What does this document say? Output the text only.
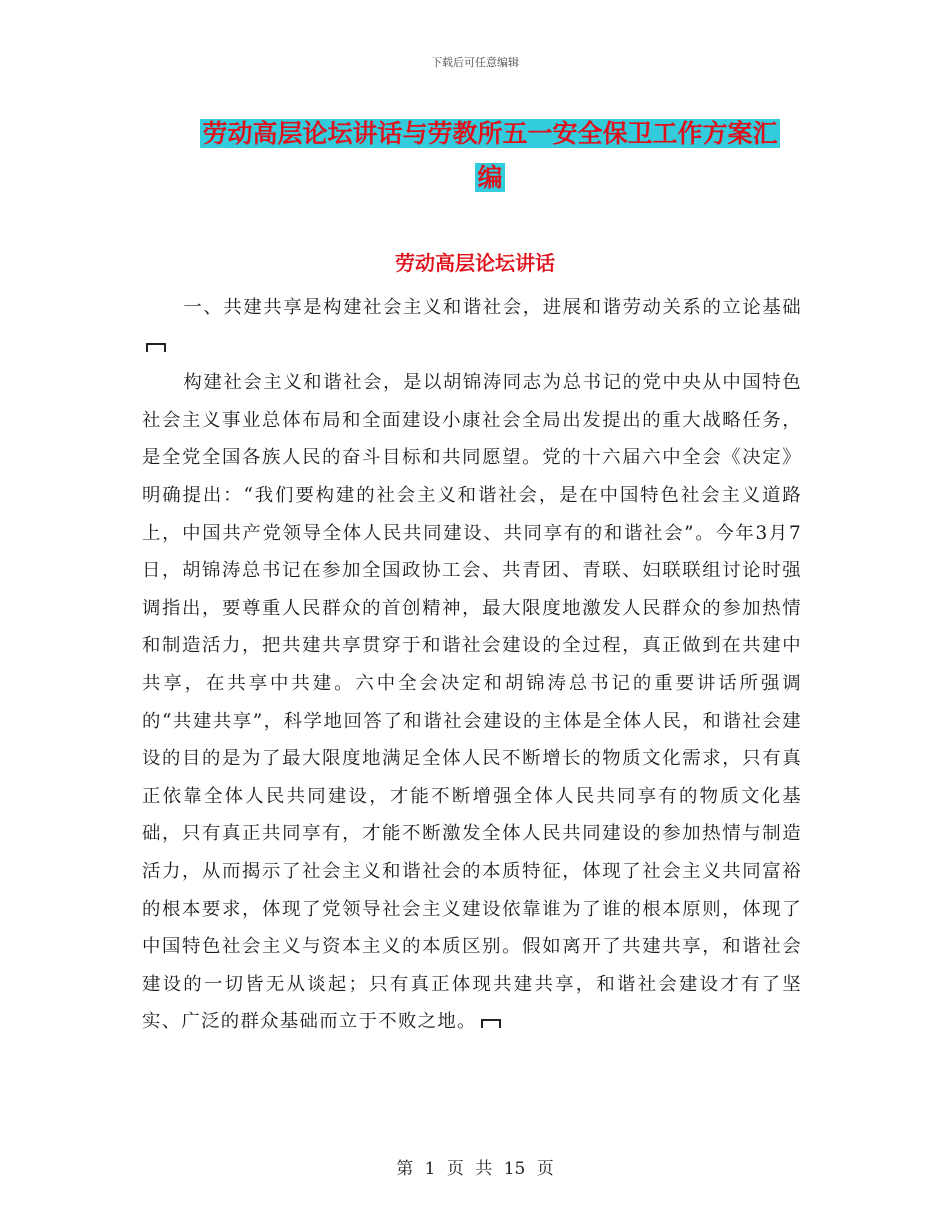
下载后可任意编辑
劳动高层论坛讲话与劳教所五一安全保卫工作方案汇
编
劳动高层论坛讲话

一、共建共享是构建社会主义和谐社会，进展和谐劳动关系的立论基础

构建社会主义和谐社会，是以胡锦涛同志为总书记的党中央从中国特色社会主义事业总体布局和全面建设小康社会全局出发提出的重大战略任务，是全党全国各族人民的奋斗目标和共同愿望。党的十六届六中全会《决定》明确提出：“我们要构建的社会主义和谐社会，是在中国特色社会主义道路上，中国共产党领导全体人民共同建设、共同享有的和谐社会”。今年3月7日，胡锦涛总书记在参加全国政协工会、共青团、青联、妇联联组讨论时强调指出，要尊重人民群众的首创精神，最大限度地激发人民群众的参加热情和制造活力，把共建共享贯穿于和谐社会建设的全过程，真正做到在共建中共享，在共享中共建。六中全会决定和胡锦涛总书记的重要讲话所强调的“共建共享”，科学地回答了和谐社会建设的主体是全体人民，和谐社会建设的目的是为了最大限度地满足全体人民不断增长的物质文化需求，只有真正依靠全体人民共同建设，才能不断增强全体人民共同享有的物质文化基础，只有真正共同享有，才能不断激发全体人民共同建设的参加热情与制造活力，从而揭示了社会主义和谐社会的本质特征，体现了社会主义共同富裕的根本要求，体现了党领导社会主义建设依靠谁为了谁的根本原则，体现了中国特色社会主义与资本主义的本质区别。假如离开了共建共享，和谐社会建设的一切皆无从谈起；只有真正体现共建共享，和谐社会建设才有了坚实、广泛的群众基础而立于不败之地。

第 1 页 共 15 页
